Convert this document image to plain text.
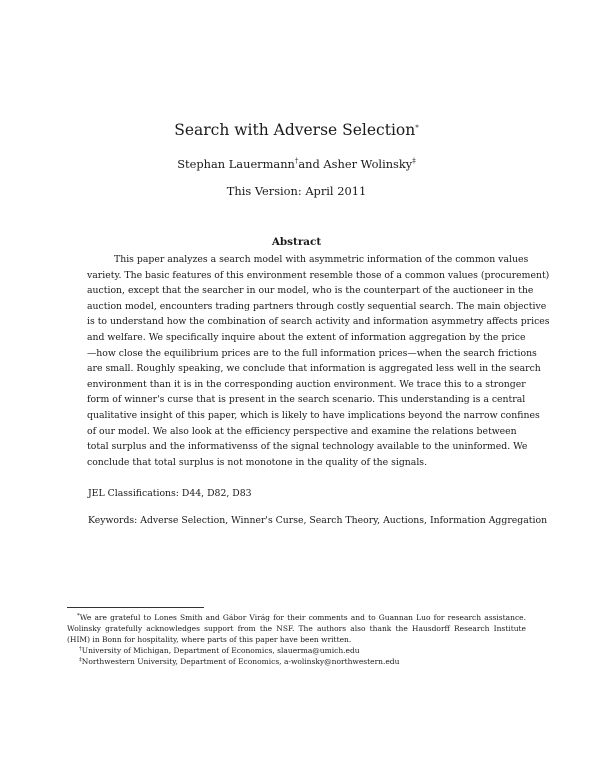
Search with Adverse Selection*
Stephan Lauermann†and Asher Wolinsky‡
This Version: April 2011
Abstract
This paper analyzes a search model with asymmetric information of the common values
variety. The basic features of this environment resemble those of a common values (procurement)
auction, except that the searcher in our model, who is the counterpart of the auctioneer in the
auction model, encounters trading partners through costly sequential search. The main objective
is to understand how the combination of search activity and information asymmetry affects prices
and welfare. We specifically inquire about the extent of information aggregation by the price
—how close the equilibrium prices are to the full information prices—when the search frictions
are small. Roughly speaking, we conclude that information is aggregated less well in the search
environment than it is in the corresponding auction environment. We trace this to a stronger
form of winner's curse that is present in the search scenario. This understanding is a central
qualitative insight of this paper, which is likely to have implications beyond the narrow confines
of our model. We also look at the efficiency perspective and examine the relations between
total surplus and the informativenss of the signal technology available to the uninformed. We
conclude that total surplus is not monotone in the quality of the signals.
JEL Classifications: D44, D82, D83
Keywords: Adverse Selection, Winner's Curse, Search Theory, Auctions, Information Aggregation
*We are grateful to Lones Smith and Gábor Virág for their comments and to Guannan Luo for research assistance.
Wolinsky gratefully acknowledges support from the NSF. The authors also thank the Hausdorff Research Institute
(HIM) in Bonn for hospitality, where parts of this paper have been written.
†University of Michigan, Department of Economics, slauerma@umich.edu
‡Northwestern University, Department of Economics, a-wolinsky@northwestern.edu
